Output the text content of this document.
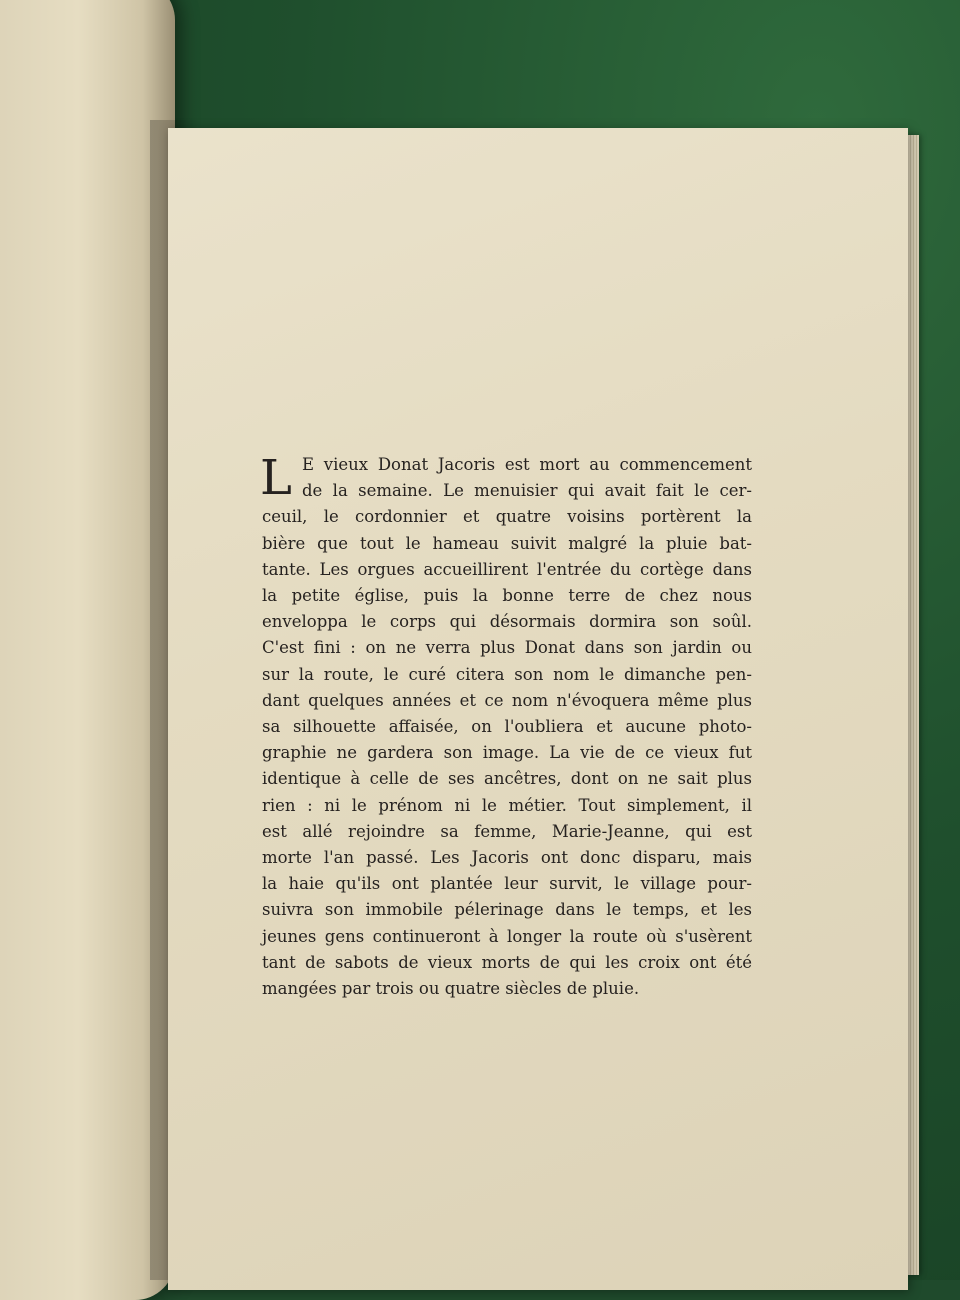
L E vieux Donat Jacoris est mort au commencement
de la semaine. Le menuisier qui avait fait le cer-
ceuil, le cordonnier et quatre voisins portèrent la
bière que tout le hameau suivit malgré la pluie bat-
tante. Les orgues accueillirent l'entrée du cortège dans
la petite église, puis la bonne terre de chez nous
enveloppa le corps qui désormais dormira son soûl.
C'est fini : on ne verra plus Donat dans son jardin ou
sur la route, le curé citera son nom le dimanche pen-
dant quelques années et ce nom n'évoquera même plus
sa silhouette affaisée, on l'oubliera et aucune photo-
graphie ne gardera son image. La vie de ce vieux fut
identique à celle de ses ancêtres, dont on ne sait plus
rien : ni le prénom ni le métier. Tout simplement, il
est allé rejoindre sa femme, Marie-Jeanne, qui est
morte l'an passé. Les Jacoris ont donc disparu, mais
la haie qu'ils ont plantée leur survit, le village pour-
suivra son immobile pélerinage dans le temps, et les
jeunes gens continueront à longer la route où s'usèrent
tant de sabots de vieux morts de qui les croix ont été
mangées par trois ou quatre siècles de pluie.
